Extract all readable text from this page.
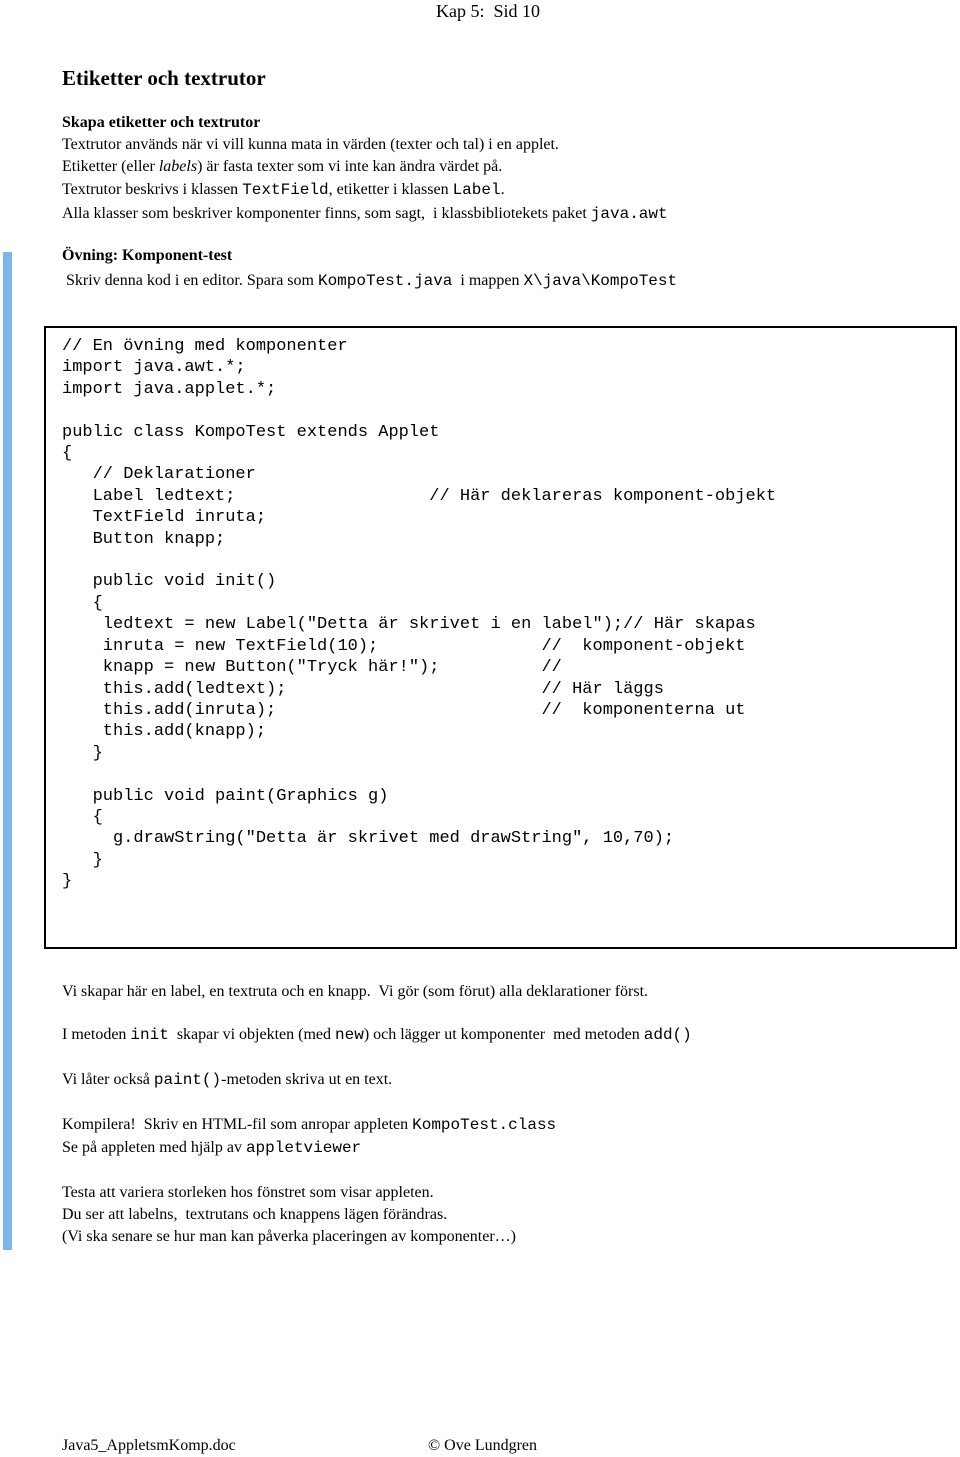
Kap 5:  Sid 10
Etiketter och textrutor
Skapa etiketter och textrutor
Textrutor används när vi vill kunna mata in värden (texter och tal) i en applet.
Etiketter (eller labels) är fasta texter som vi inte kan ändra värdet på.
Textrutor beskrivs i klassen TextField, etiketter i klassen Label.
Alla klasser som beskriver komponenter finns, som sagt,  i klassbibliotekets paket java.awt
Övning: Komponent-test
Skriv denna kod i en editor. Spara som KompoTest.java  i mappen X\java\KompoTest
// En övning med komponenter
import java.awt.*;
import java.applet.*;

public class KompoTest extends Applet
{
// Deklarationer
Label ledtext;                   // Här deklareras komponent-objekt
TextField inruta;
Button knapp;

public void init()
{
ledtext = new Label("Detta är skrivet i en label");// Här skapas
inruta = new TextField(10);                //  komponent-objekt
knapp = new Button("Tryck här!");          //
this.add(ledtext);                         // Här läggs
this.add(inruta);                          //  komponenterna ut
this.add(knapp);
}

public void paint(Graphics g)
{
g.drawString("Detta är skrivet med drawString", 10,70);
}
}
Vi skapar här en label, en textruta och en knapp.  Vi gör (som förut) alla deklarationer först.
I metoden init  skapar vi objekten (med new) och lägger ut komponenter  med metoden add()
Vi låter också paint()-metoden skriva ut en text.
Kompilera!  Skriv en HTML-fil som anropar appleten KompoTest.class
Se på appleten med hjälp av appletviewer
Testa att variera storleken hos fönstret som visar appleten.
Du ser att labelns,  textrutans och knappens lägen förändras.
(Vi ska senare se hur man kan påverka placeringen av komponenter…)
Java5_AppletsmKomp.doc	© Ove Lundgren
